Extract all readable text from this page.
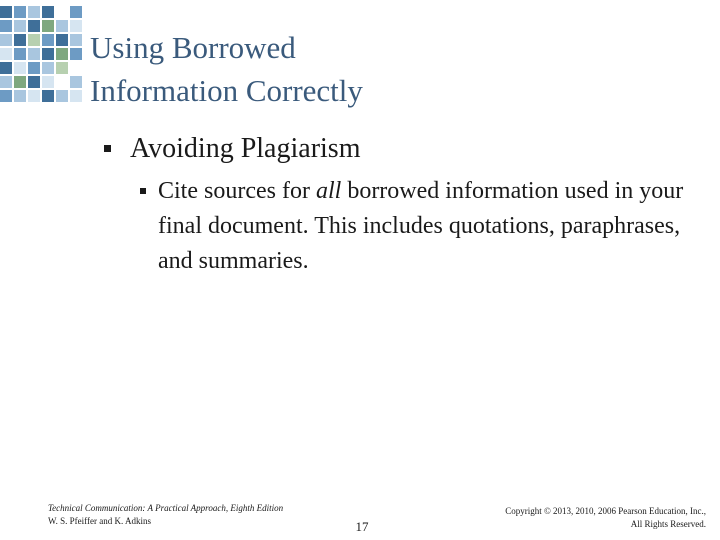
Using Borrowed
Information Correctly
Avoiding Plagiarism
Cite sources for all borrowed information used in your final document. This includes quotations, paraphrases, and summaries.
Technical Communication: A Practical Approach, Eighth Edition
W. S. Pfeiffer and K. Adkins	17
Copyright © 2013, 2010, 2006 Pearson Education, Inc.,
All Rights Reserved.
